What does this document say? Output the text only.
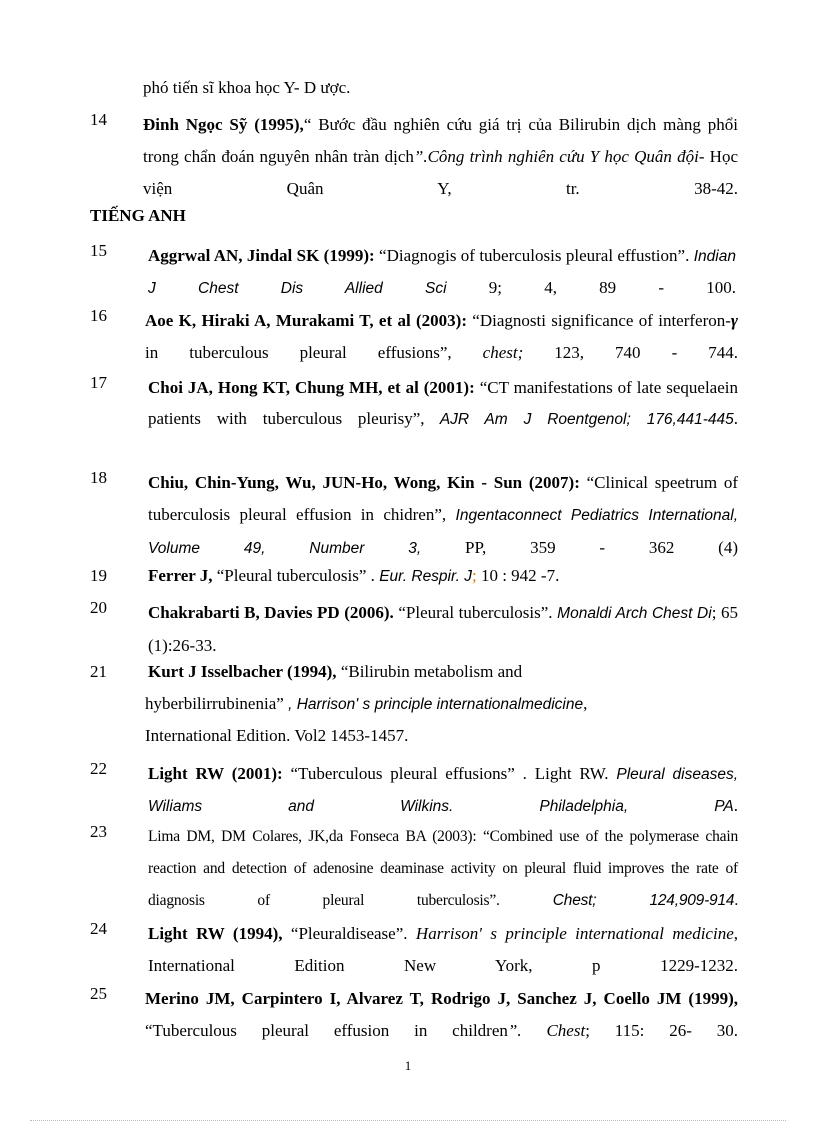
phó tiến sĩ khoa học Y- D ược.
14	Đinh Ngọc Sỹ (1995),“ Bước đầu nghiên cứu giá trị của Bilirubin dịch màng phổi trong chẩn đoán nguyên nhân tràn dịch”.Công trình nghiên cứu Y học Quân đội- Học viện Quân Y, tr. 38-42.
TIẾNG ANH
15	Aggrwal AN, Jindal SK (1999): “Diagnogis of tuberculosis pleural effustion”. Indian J Chest Dis Allied Sci 9; 4, 89 - 100.
16	Aoe K, Hiraki A, Murakami T, et al (2003): “Diagnosti significance of interferon-γ in tuberculous pleural effusions”, chest; 123, 740 - 744.
17	Choi JA, Hong KT, Chung MH, et al (2001): “CT manifestations of late sequelaein patients with tuberculous pleurisy”, AJR Am J Roentgenol; 176,441-445.
18	Chiu, Chin-Yung, Wu, JUN-Ho, Wong, Kin - Sun (2007): “Clinical speetrum of tuberculosis pleural effusion in chidren”, Ingentaconnect Pediatrics International, Volume 49, Number 3, PP, 359 - 362 (4)
19	Ferrer J, “Pleural tuberculosis” . Eur. Respir. J; 10 : 942 -7.
20	Chakrabarti B, Davies PD (2006). “Pleural tuberculosis”. Monaldi Arch Chest Di; 65 (1):26-33.
21	Kurt J Isselbacher (1994), “Bilirubin metabolism and
hyberbilirrubinenia” , Harrison' s principle internationalmedicine,
International Edition. Vol2 1453-1457.
22	Light RW (2001): “Tuberculous pleural effusions” . Light RW. Pleural diseases, Wiliams and Wilkins. Philadelphia, PA.
23	Lima DM, DM Colares, JK,da Fonseca BA (2003): “Combined use of the polymerase chain reaction and detection of adenosine deaminase activity on pleural fluid improves the rate of diagnosis of pleural tuberculosis”. Chest; 124,909-914.
24	Light RW (1994), “Pleuraldisease”. Harrison' s principle international medicine, International Edition New York, p 1229-1232.
25	Merino JM, Carpintero I, Alvarez T, Rodrigo J, Sanchez J, Coello JM (1999), “Tuberculous pleural effusion in children”. Chest; 115: 26- 30.
1
